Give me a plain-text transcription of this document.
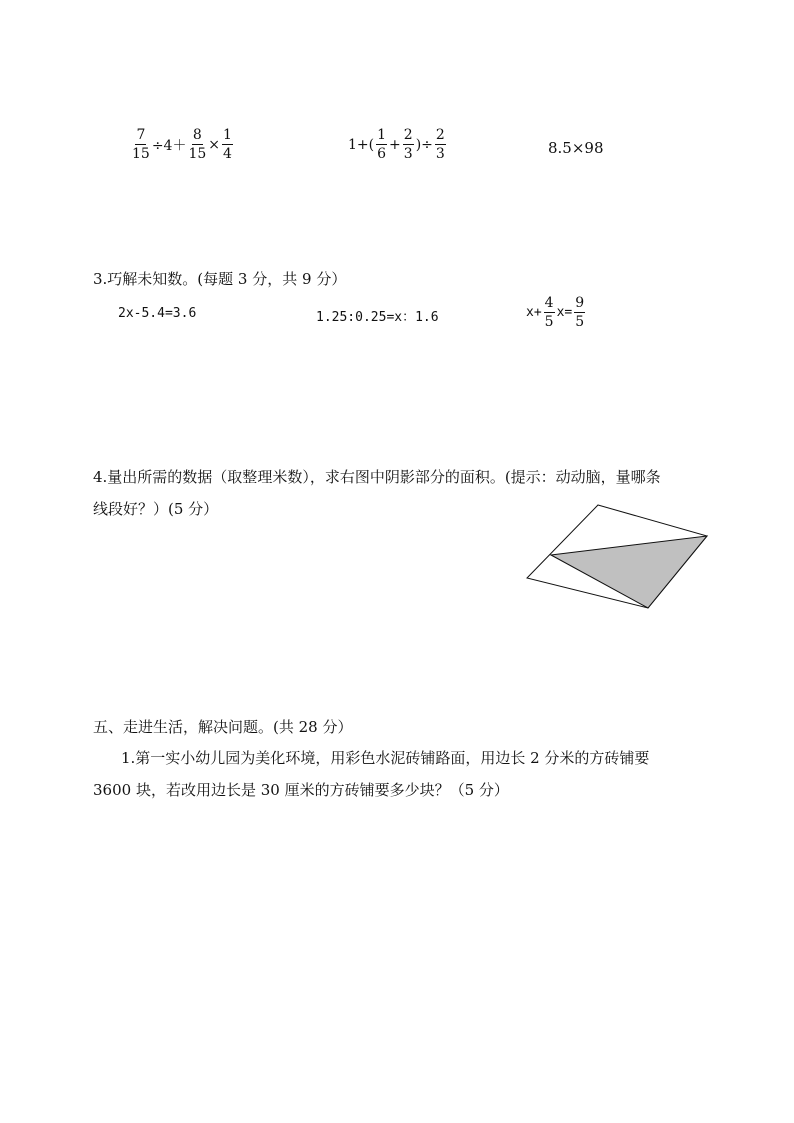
$\frac{7}{15} \div 4+ \frac{8}{15} \times \frac{1}{4}$	$1+( \frac{1}{6} + \frac{2}{3}$ )÷ $\frac{2}{3}$	8.5×98
3.巧解未知数。(每题 3 分，共 9 分）
2x-5.4=3.6	1.25:0.25=x：1.6	$x+ \frac{4}{5} x= \frac{9}{5}$
4.量出所需的数据（取整理米数），求右图中阴影部分的面积。(提示：动动脑，量哪条
线段好？）(5 分）
五、走进生活，解决问题。(共 28 分）
1.第一实小幼儿园为美化环境，用彩色水泥砖铺路面，用边长 2 分米的方砖铺要
3600 块，若改用边长是 30 厘米的方砖铺要多少块？（5 分）
